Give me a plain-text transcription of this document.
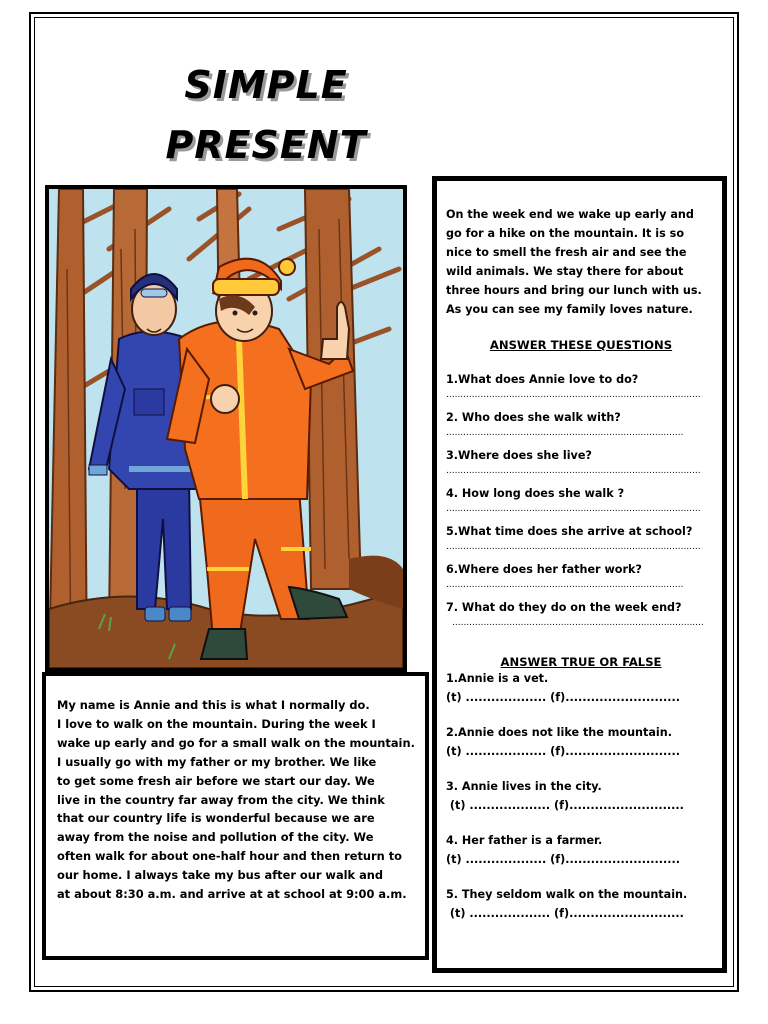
SIMPLE
PRESENT
My name is Annie and this is what I normally do.
I love to walk on the mountain. During the week I
wake up early and go for a small walk on the mountain.
I usually go with my father or my brother. We like
to get some fresh air before we start our day. We
live in the country far away from the city. We think
that our country life is wonderful because we are
away from the noise and pollution of the city. We
often walk for about one-half hour and then return to
our home. I always take my bus after our walk and
at about 8:30 a.m. and arrive at at school at 9:00 a.m.
On the week end we wake up early and
go for a hike on the mountain. It is so
nice to smell the fresh air and see the
wild animals. We stay there for about
three hours and bring our lunch with us.
As you can see my family loves nature.
ANSWER THESE QUESTIONS
1.What does Annie love to do?
.........................................................................................
2. Who does she walk with?
...................................................................................
3.Where does she live?
.........................................................................................
4. How long does she walk ?
.........................................................................................
5.What time does she arrive at school?
.........................................................................................
6.Where does her father work?
...................................................................................
7. What do they do on the week end?
........................................................................................
ANSWER TRUE OR FALSE
1.Annie is a vet.
(t) ................... (f)...........................
2.Annie does not like the mountain.
(t) ................... (f)...........................
3. Annie lives in the city.
(t) ................... (f)...........................
4. Her father is a farmer.
(t) ................... (f)...........................
5. They seldom walk on the mountain.
(t) ................... (f)...........................
